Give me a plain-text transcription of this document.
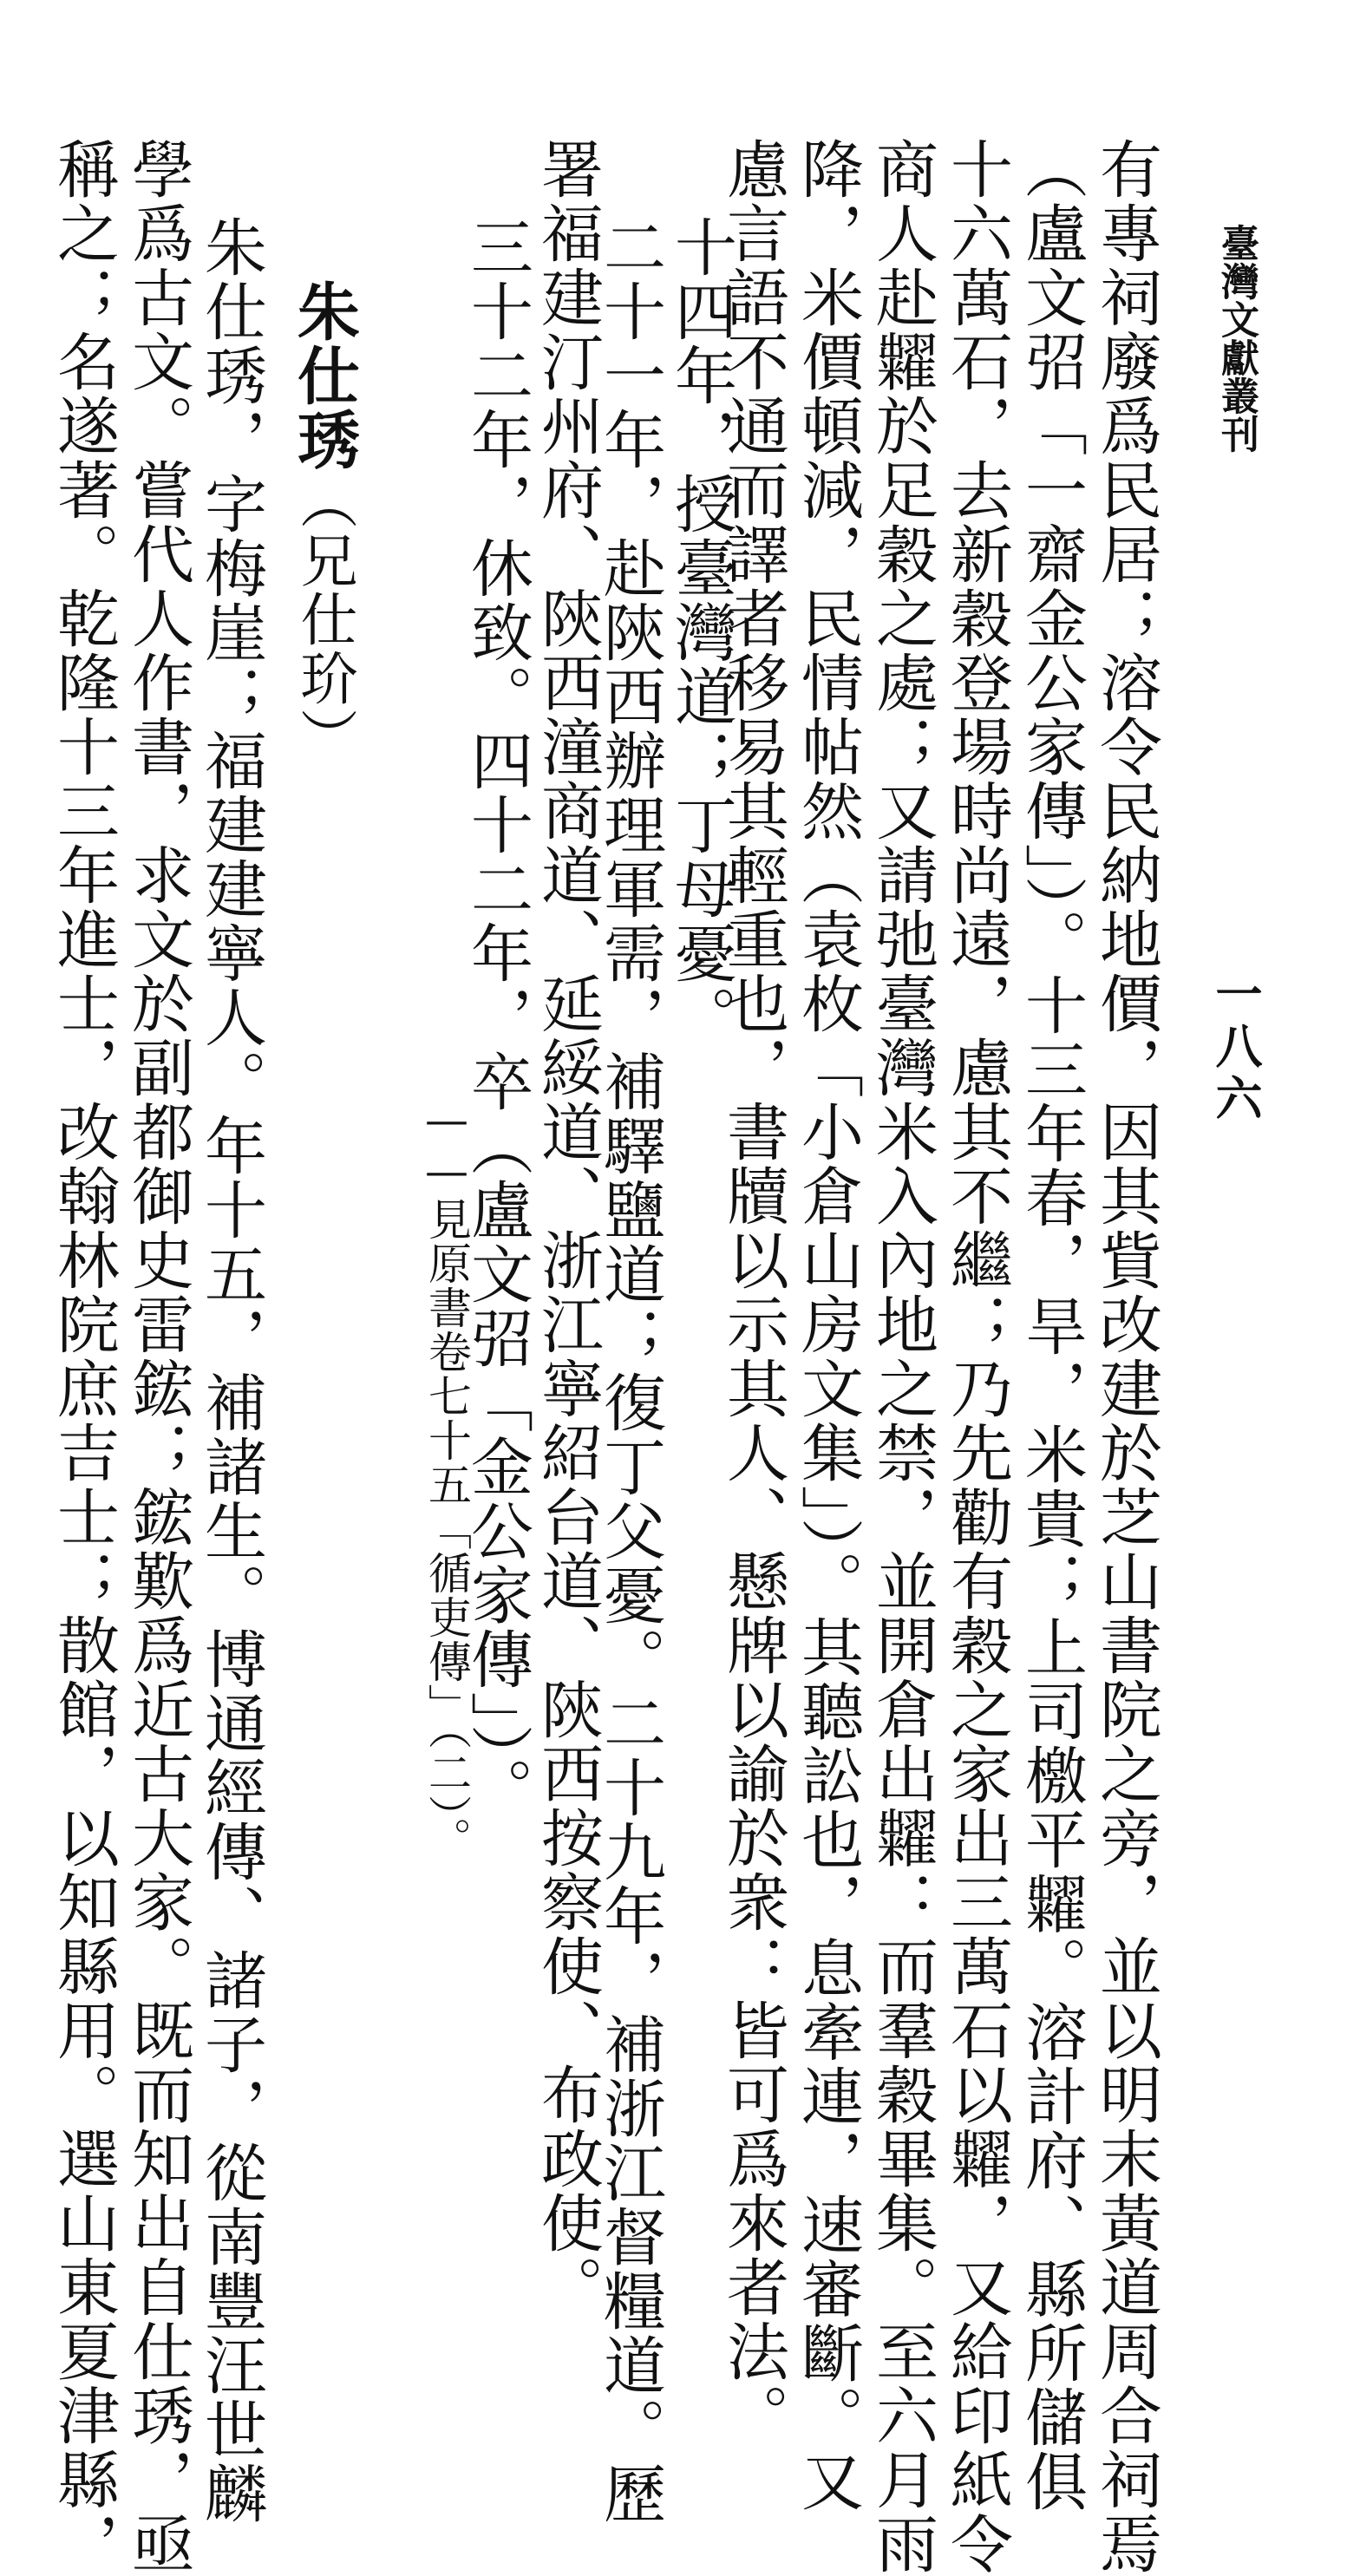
臺灣文獻叢刊
一八六
有專祠廢爲民居；溶令民納地價，因其貲改建於芝山書院之旁，並以明末黃道周合祠焉
（盧文弨「一齋金公家傳」）。十三年春，旱，米貴；上司檄平糶。溶計府、縣所儲俱
十六萬石，去新穀登場時尚遠，慮其不繼；乃先勸有穀之家出三萬石以糶，又給印紙令
商人赴糶於足穀之處；又請弛臺灣米入內地之禁，並開倉出糶：而羣穀畢集。至六月雨
降，米價頓減，民情帖然（袁枚「小倉山房文集」）。其聽訟也，息牽連，速審斷。又
慮言語不通而譯者移易其輕重也，書牘以示其人、懸牌以諭於衆：皆可爲來者法。
十四年，授臺灣道；丁母憂。
二十一年，赴陝西辦理軍需，補驛鹽道；復丁父憂。二十九年，補浙江督糧道。歷
署福建汀州府、陝西潼商道、延綏道、浙江寧紹台道、陝西按察使、布政使。
三十二年，休致。四十二年，卒（盧文弨「金公家傳」）。
——見原書卷七十五「循吏傳」（二）。
朱仕琇（兄仕玠）
朱仕琇，字梅崖；福建建寧人。年十五，補諸生。博通經傳、諸子，從南豐汪世麟
學爲古文。嘗代人作書，求文於副都御史雷鋐；鋐歎爲近古大家。既而知出自仕琇，亟
稱之；名遂著。乾隆十三年進士，改翰林院庶吉士；散館，以知縣用。選山東夏津縣，
